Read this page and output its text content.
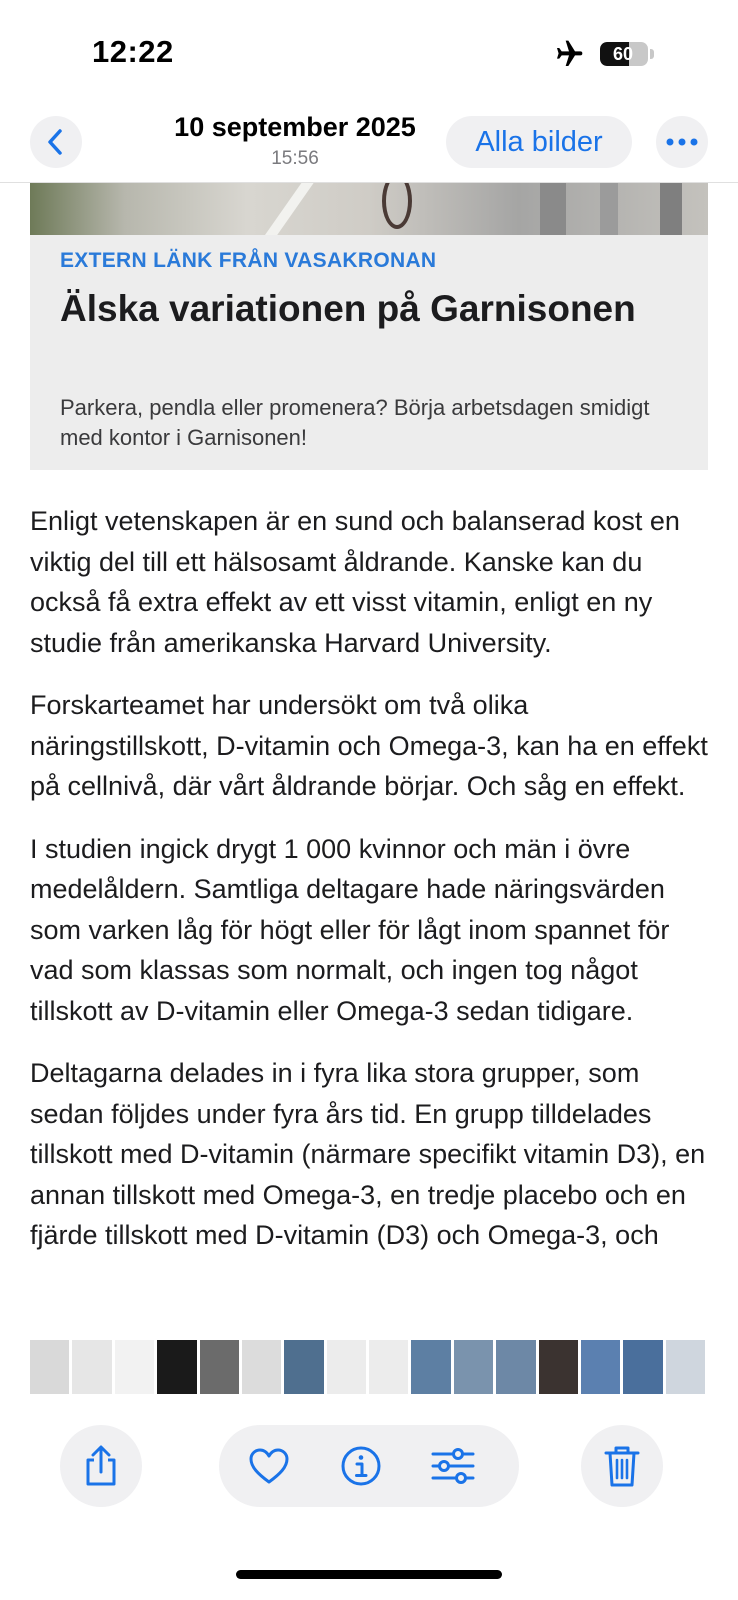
12:22	60
10 september 2025
15:56
Alla bilder
EXTERN LÄNK FRÅN VASAKRONAN
Älska variationen på Garnisonen
Parkera, pendla eller promenera? Börja arbetsdagen smidigt med kontor i Garnisonen!

Enligt vetenskapen är en sund och balanserad kost en viktig del till ett hälsosamt åldrande. Kanske kan du också få extra effekt av ett visst vitamin, enligt en ny studie från amerikanska Harvard University.

Forskarteamet har undersökt om två olika näringstillskott, D-vitamin och Omega-3, kan ha en effekt på cellnivå, där vårt åldrande börjar. Och såg en effekt.

I studien ingick drygt 1 000 kvinnor och män i övre medelåldern. Samtliga deltagare hade näringsvärden som varken låg för högt eller för lågt inom spannet för vad som klassas som normalt, och ingen tog något tillskott av D-vitamin eller Omega-3 sedan tidigare.

Deltagarna delades in i fyra lika stora grupper, som sedan följdes under fyra års tid. En grupp tilldelades tillskott med D-vitamin (närmare specifikt vitamin D3), en annan tillskott med Omega-3, en tredje placebo och en fjärde tillskott med D-vitamin (D3) och Omega-3, och
